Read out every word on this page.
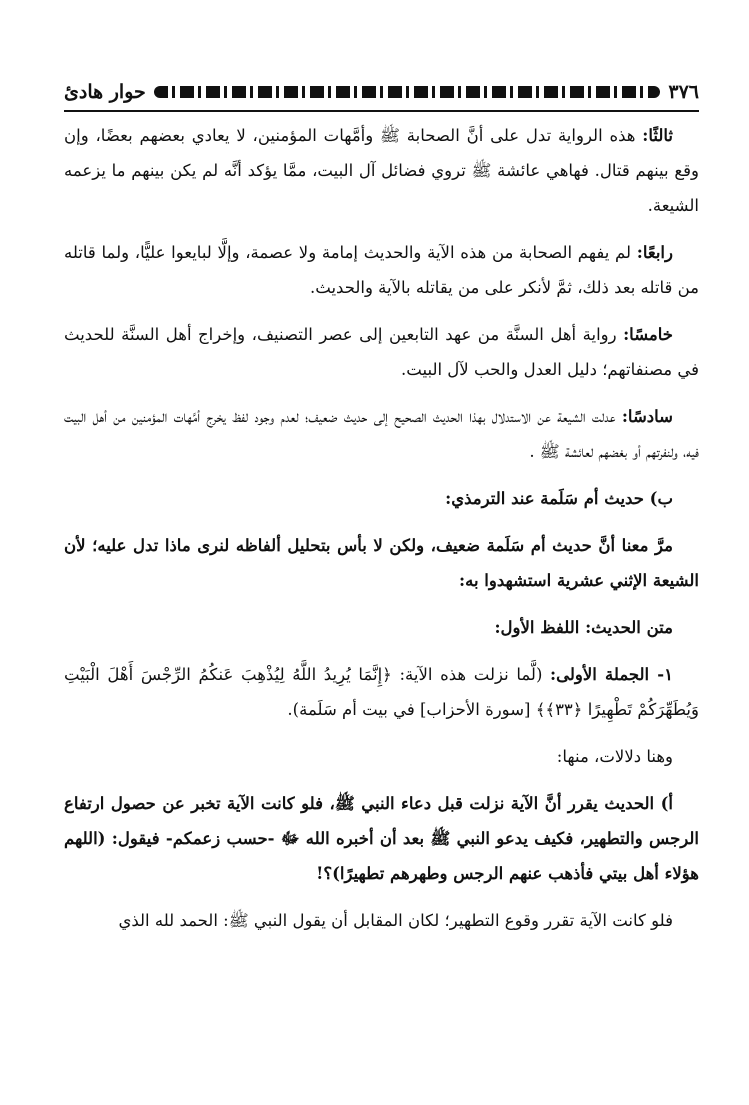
٣٧٦
حوار هادئ

ثالثًا: هذه الرواية تدل على أنَّ الصحابة ﷺ وأمَّهات المؤمنين، لا يعادي بعضهم بعضًا، وإن وقع بينهم قتال. فهاهي عائشة ﷺ تروي فضائل آل البيت، ممَّا يؤكد أنَّه لم يكن بينهم ما يزعمه الشيعة.

رابعًا: لم يفهم الصحابة من هذه الآية والحديث إمامة ولا عصمة، وإلَّا لبايعوا عليًّا، ولما قاتله من قاتله بعد ذلك، ثمَّ لأنكر على من يقاتله بالآية والحديث.

خامسًا: رواية أهل السنَّة من عهد التابعين إلى عصر التصنيف، وإخراج أهل السنَّة للحديث في مصنفاتهم؛ دليل العدل والحب لآل البيت.

سادسًا: عدلت الشيعة عن الاستدلال بهذا الحديث الصحيح إلى حديث ضعيف؛ لعدم وجود لفظ يخرج أمَّهات المؤمنين من أهل البيت فيه، ولنفرتهم أو بغضهم لعائشة ﷺ .

ب) حديث أم سَلَمة عند الترمذي:

مرَّ معنا أنَّ حديث أم سَلَمة ضعيف، ولكن لا بأس بتحليل ألفاظه لنرى ماذا تدل عليه؛ لأن الشيعة الإثني عشرية استشهدوا به:

متن الحديث: اللفظ الأول:

١- الجملة الأولى: (لَّما نزلت هذه الآية: ﴿إِنَّمَا يُرِيدُ اللَّهُ لِيُذْهِبَ عَنكُمُ الرِّجْسَ أَهْلَ الْبَيْتِ وَيُطَهِّرَكُمْ تَطْهِيرًا ﴿٣٣﴾﴾ [سورة الأحزاب] في بيت أم سَلَمة).

وهنا دلالات، منها:

أ) الحديث يقرر أنَّ الآية نزلت قبل دعاء النبي ﷺ، فلو كانت الآية تخبر عن حصول ارتفاع الرجس والتطهير، فكيف يدعو النبي ﷺ بعد أن أخبره الله ﷻ -حسب زعمكم- فيقول: (اللهم هؤلاء أهل بيتي فأذهب عنهم الرجس وطهرهم تطهيرًا)؟!

فلو كانت الآية تقرر وقوع التطهير؛ لكان المقابل أن يقول النبي ﷺ: الحمد لله الذي
